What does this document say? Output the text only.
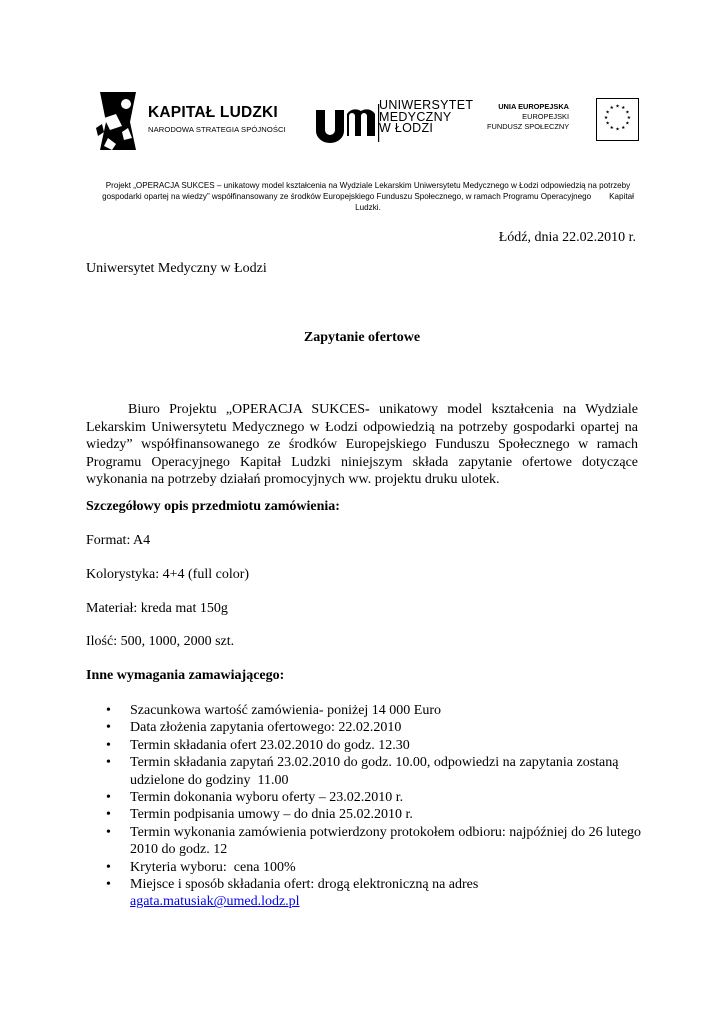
KAPITAŁ LUDZKI
NARODOWA STRATEGIA SPÓJNOŚCI
UNIWERSYTET
MEDYCZNY
W ŁODZI
UNIA EUROPEJSKA
EUROPEJSKI
FUNDUSZ SPOŁECZNY
★ ★
★
★
★
★
★
★
★
★
★
★
Projekt „OPERACJA SUKCES – unikatowy model kształcenia na Wydziale Lekarskim Uniwersytetu Medycznego w Łodzi odpowiedzią na potrzeby
gospodarki opartej na wiedzy” współfinansowany ze środków Europejskiego Funduszu Społecznego, w ramach Programu Operacyjnego        Kapitał
Ludzki.
Łódź, dnia 22.02.2010 r.
Uniwersytet Medyczny w Łodzi
Zapytanie ofertowe
Biuro Projektu „OPERACJA SUKCES- unikatowy model kształcenia na Wydziale Lekarskim Uniwersytetu Medycznego w Łodzi odpowiedzią na potrzeby gospodarki opartej na wiedzy” współfinansowanego ze środków Europejskiego Funduszu Społecznego w ramach Programu Operacyjnego Kapitał Ludzki niniejszym składa zapytanie ofertowe dotyczące wykonania na potrzeby działań promocyjnych ww. projektu druku ulotek.
Szczegółowy opis przedmiotu zamówienia:
Format: A4
Kolorystyka: 4+4 (full color)
Materiał: kreda mat 150g
Ilość: 500, 1000, 2000 szt.
Inne wymagania zamawiającego:
• Szacunkowa wartość zamówienia- poniżej 14 000 Euro
• Data złożenia zapytania ofertowego: 22.02.2010
• Termin składania ofert 23.02.2010 do godz. 12.30
• Termin składania zapytań 23.02.2010 do godz. 10.00, odpowiedzi na zapytania zostaną udzielone do godziny  11.00
• Termin dokonania wyboru oferty – 23.02.2010 r.
• Termin podpisania umowy – do dnia 25.02.2010 r.
• Termin wykonania zamówienia potwierdzony protokołem odbioru: najpóźniej do 26 lutego 2010 do godz. 12
• Kryteria wyboru:  cena 100%
• Miejsce i sposób składania ofert: drogą elektroniczną na adres
agata.matusiak@umed.lodz.pl
